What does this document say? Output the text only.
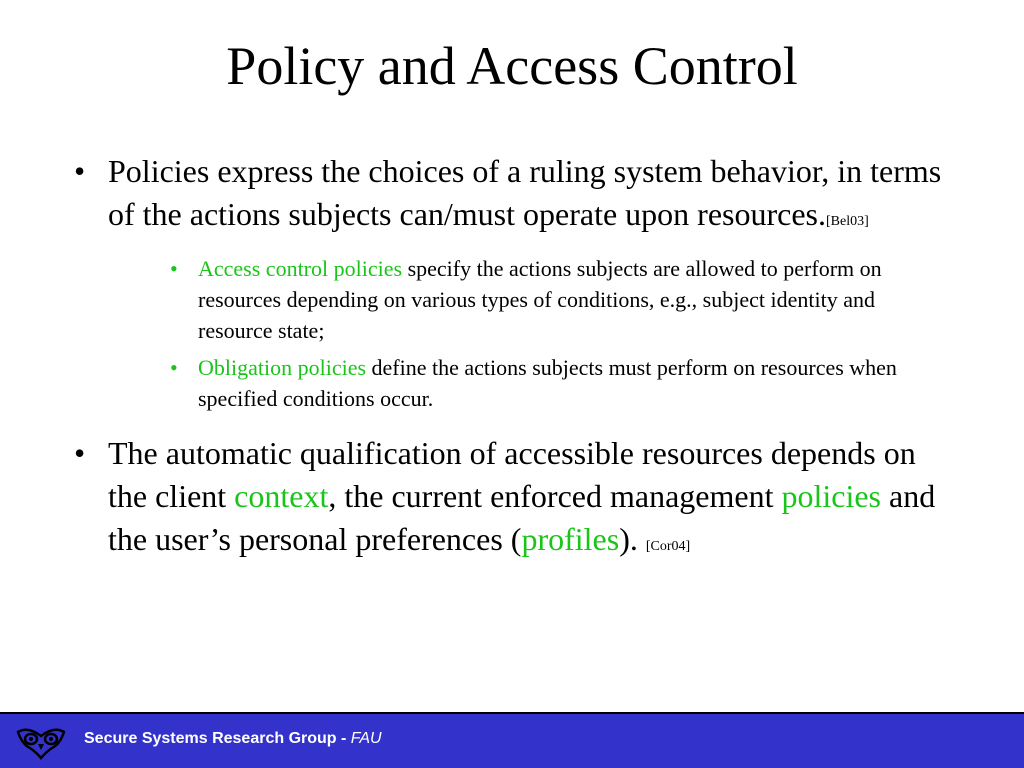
Policy and Access Control

• Policies express the choices of a ruling system behavior, in terms of the actions subjects can/must operate upon resources.[Bel03]

• Access control policies specify the actions subjects are allowed to perform on resources depending on various types of conditions, e.g., subject identity and resource state;

• Obligation policies define the actions subjects must perform on resources when specified conditions occur.

• The automatic qualification of accessible resources depends on the client context, the current enforced management policies and the user’s personal preferences (profiles). [Cor04]

Secure Systems Research Group - FAU
